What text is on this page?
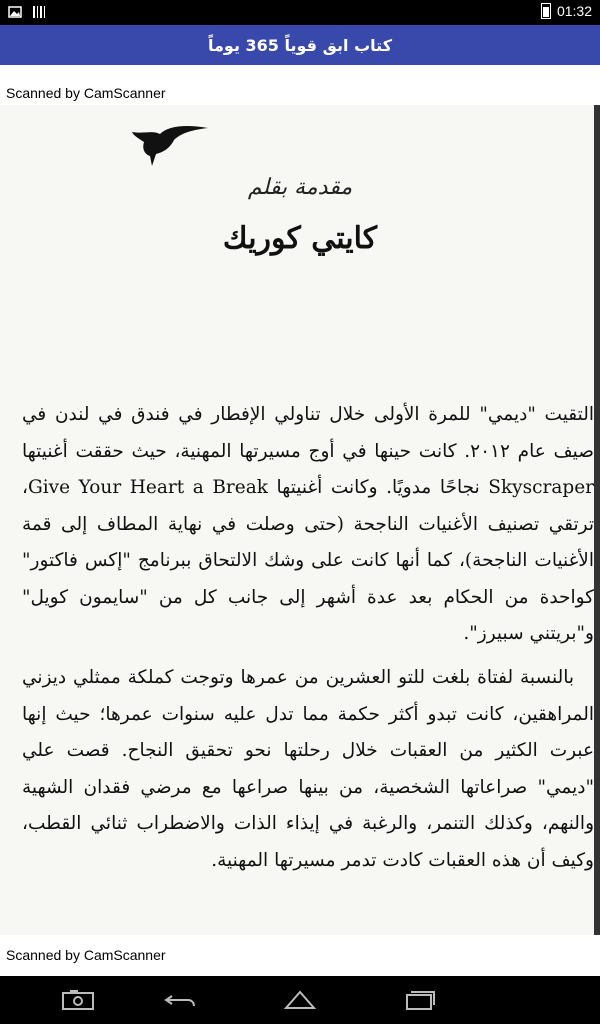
01:32
كتاب ابق قوياً 365 يوماً
Scanned by CamScanner
مقدمة بقلم
كايتي كوريك
التقيت "ديمي" للمرة الأولى خلال تناولي الإفطار في فندق في لندن في صيف عام ٢٠١٢. كانت حينها في أوج مسيرتها المهنية، حيث حققت أغنيتها Skyscraper نجاحًا مدويًا. وكانت أغنيتها Give Your Heart a Break، ترتقي تصنيف الأغنيات الناجحة (حتى وصلت في نهاية المطاف إلى قمة الأغنيات الناجحة)، كما أنها كانت على وشك الالتحاق ببرنامج "إكس فاكتور" كواحدة من الحكام بعد عدة أشهر إلى جانب كل من "سايمون كويل" و"بريتني سبيرز".
بالنسبة لفتاة بلغت للتو العشرين من عمرها وتوجت كملكة ممثلي ديزني المراهقين، كانت تبدو أكثر حكمة مما تدل عليه سنوات عمرها؛ حيث إنها عبرت الكثير من العقبات خلال رحلتها نحو تحقيق النجاح. قصت علي "ديمي" صراعاتها الشخصية، من بينها صراعها مع مرضي فقدان الشهية والنهم، وكذلك التنمر، والرغبة في إيذاء الذات والاضطراب ثنائي القطب، وكيف أن هذه العقبات كادت تدمر مسيرتها المهنية.
Scanned by CamScanner
